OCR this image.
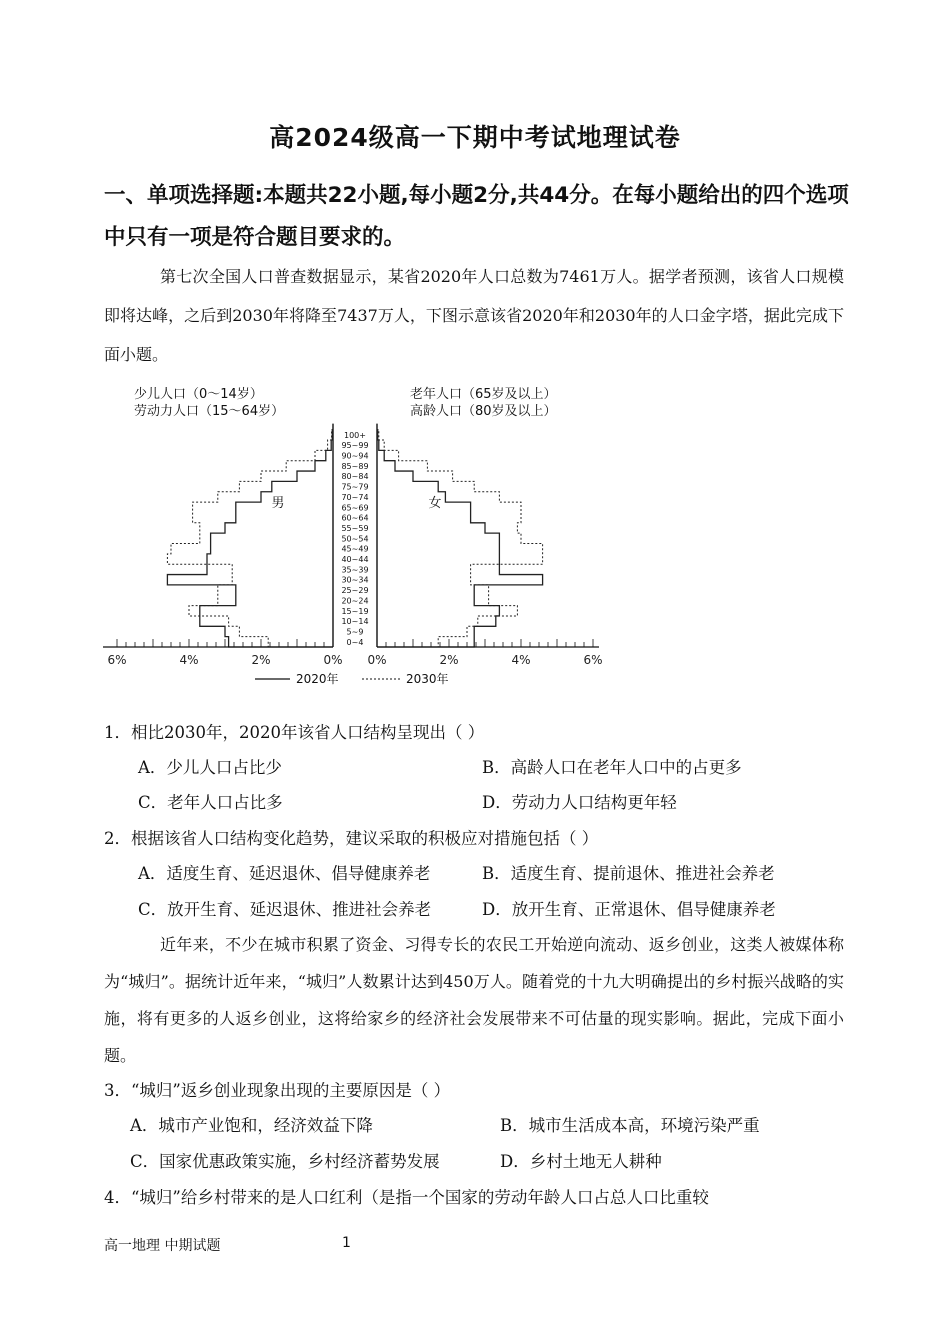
高2024级高一下期中考试地理试卷
一、单项选择题:本题共22小题,每小题2分,共44分。在每小题给出的四个选项中只有一项是符合题目要求的。
第七次全国人口普查数据显示，某省2020年人口总数为7461万人。据学者预测，该省人口规模即将达峰，之后到2030年将降至7437万人，下图示意该省2020年和2030年的人口金字塔，据此完成下面小题。
0~4
5~9
10~14
15~19
20~24
25~29
30~34
35~39
40~44
45~49
50~54
55~59
60~64
65~69
70~74
75~79
80~84
85~89
90~94
95~99
100+
6%	4%	2%	0% 0%	2%	4%	6%
男	女
少儿人口（0～14岁）
劳动力人口（15～64岁）
老年人口（65岁及以上）
高龄人口（80岁及以上）
2020年	2030年
1．相比2030年，2020年该省人口结构呈现出（ ）
A．少儿人口占比少	B．高龄人口在老年人口中的占更多
C．老年人口占比多	D．劳动力人口结构更年轻
2．根据该省人口结构变化趋势，建议采取的积极应对措施包括（ ）
A．适度生育、延迟退休、倡导健康养老	B．适度生育、提前退休、推进社会养老
C．放开生育、延迟退休、推进社会养老	D．放开生育、正常退休、倡导健康养老
近年来，不少在城市积累了资金、习得专长的农民工开始逆向流动、返乡创业，这类人被媒体称为“城归”。据统计近年来，“城归”人数累计达到450万人。随着党的十九大明确提出的乡村振兴战略的实施，将有更多的人返乡创业，这将给家乡的经济社会发展带来不可估量的现实影响。据此，完成下面小题。
3．“城归”返乡创业现象出现的主要原因是（ ）
A．城市产业饱和，经济效益下降	B．城市生活成本高，环境污染严重
C．国家优惠政策实施，乡村经济蓄势发展	D．乡村土地无人耕种
4．“城归”给乡村带来的是人口红利（是指一个国家的劳动年龄人口占总人口比重较
高一地理 中期试题	1
